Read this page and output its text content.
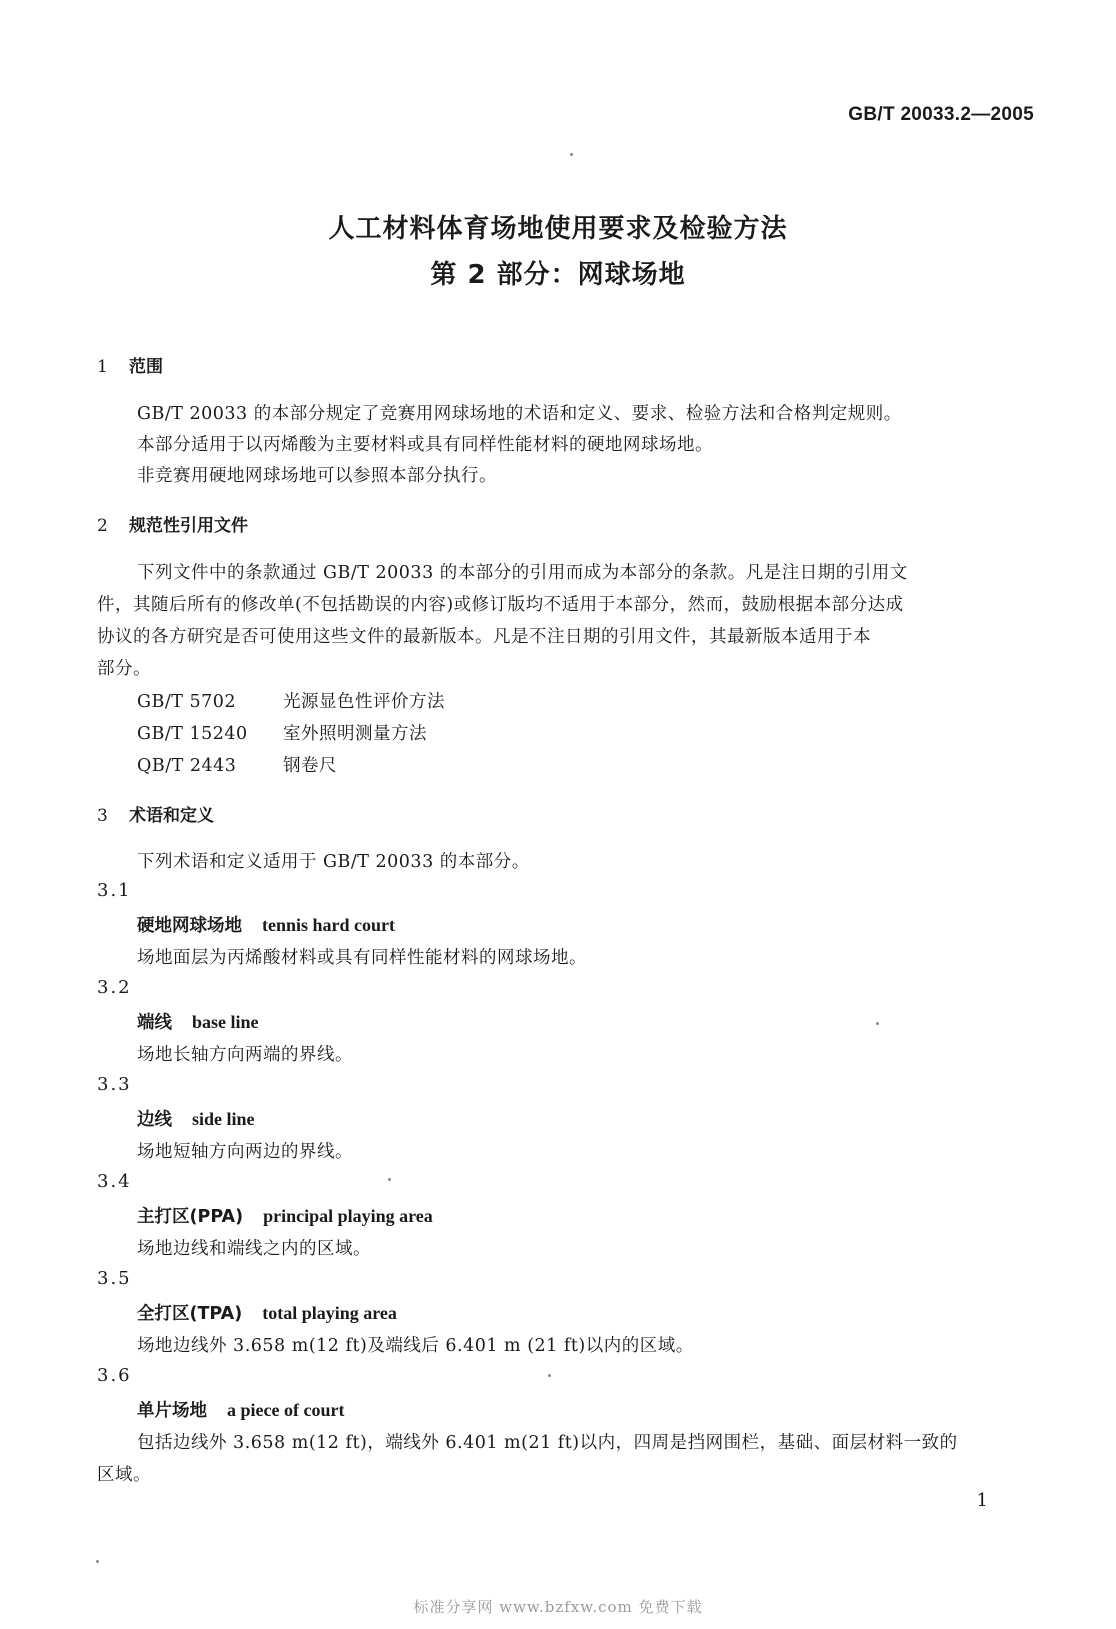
GB/T 20033.2—2005
人工材料体育场地使用要求及检验方法
第 2 部分：网球场地
1 范围
GB/T 20033 的本部分规定了竞赛用网球场地的术语和定义、要求、检验方法和合格判定规则。
本部分适用于以丙烯酸为主要材料或具有同样性能材料的硬地网球场地。
非竞赛用硬地网球场地可以参照本部分执行。
2 规范性引用文件
下列文件中的条款通过 GB/T 20033 的本部分的引用而成为本部分的条款。凡是注日期的引用文
件，其随后所有的修改单(不包括勘误的内容)或修订版均不适用于本部分，然而，鼓励根据本部分达成
协议的各方研究是否可使用这些文件的最新版本。凡是不注日期的引用文件，其最新版本适用于本
部分。
GB/T 5702	光源显色性评价方法
GB/T 15240 室外照明测量方法
QB/T 2443	钢卷尺
3 术语和定义
下列术语和定义适用于 GB/T 20033 的本部分。
3.1
硬地网球场地 tennis hard court
场地面层为丙烯酸材料或具有同样性能材料的网球场地。
3.2
端线 base line
场地长轴方向两端的界线。
3.3
边线 side line
场地短轴方向两边的界线。
3.4
主打区(PPA) principal playing area
场地边线和端线之内的区域。
3.5
全打区(TPA) total playing area
场地边线外 3.658 m(12 ft)及端线后 6.401 m (21 ft)以内的区域。
3.6
单片场地 a piece of court
包括边线外 3.658 m(12 ft)，端线外 6.401 m(21 ft)以内，四周是挡网围栏，基础、面层材料一致的
区域。
1
标准分享网 www.bzfxw.com 免费下载
